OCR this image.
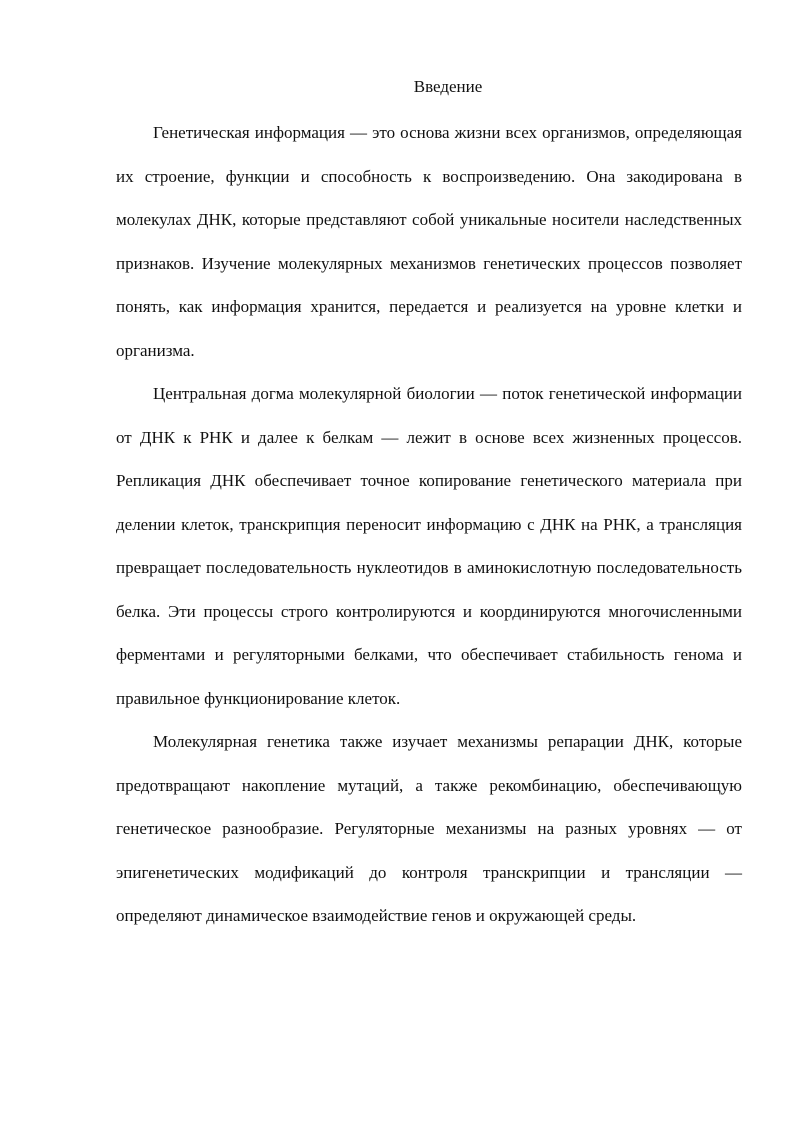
Введение

Генетическая информация — это основа жизни всех организмов, определяющая их строение, функции и способность к воспроизведению. Она закодирована в молекулах ДНК, которые представляют собой уникальные носители наследственных признаков. Изучение молекулярных механизмов генетических процессов позволяет понять, как информация хранится, передается и реализуется на уровне клетки и организма.

Центральная догма молекулярной биологии — поток генетической информации от ДНК к РНК и далее к белкам — лежит в основе всех жизненных процессов. Репликация ДНК обеспечивает точное копирование генетического материала при делении клеток, транскрипция переносит информацию с ДНК на РНК, а трансляция превращает последовательность нуклеотидов в аминокислотную последовательность белка. Эти процессы строго контролируются и координируются многочисленными ферментами и регуляторными белками, что обеспечивает стабильность генома и правильное функционирование клеток.

Молекулярная генетика также изучает механизмы репарации ДНК, которые предотвращают накопление мутаций, а также рекомбинацию, обеспечивающую генетическое разнообразие. Регуляторные механизмы на разных уровнях — от эпигенетических модификаций до контроля транскрипции и трансляции — определяют динамическое взаимодействие генов и окружающей среды.
